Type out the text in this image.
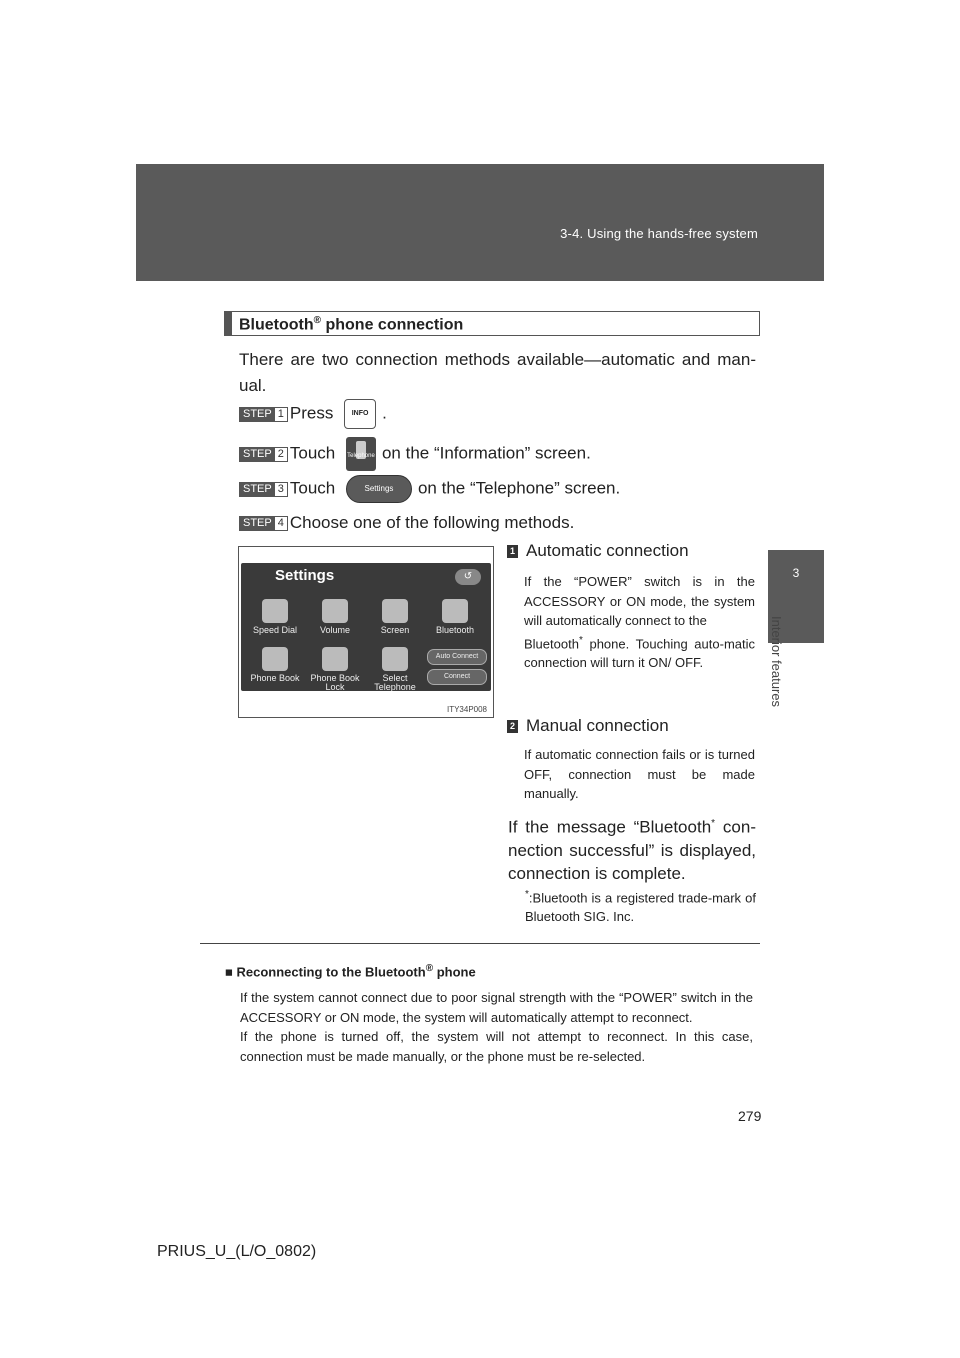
3-4. Using the hands-free system
3
Interior features
Bluetooth® phone connection
There are two connection methods available—automatic and man-ual.
STEP 1 Press	INFO .
STEP 2 Touch Telephone on the “Information” screen.
STEP 3 Touch	Settings on the “Telephone” screen.
STEP 4 Choose one of the following methods.
Settings	↺
Speed Dial	Volume	Screen	Bluetooth
Phone Book	Phone Book Lock
Select Telephone
Auto Connect
Connect
ITY34P008
1 Automatic connection
If the “POWER” switch is in the ACCESSORY or ON mode, the system will automatically connect to the
Bluetooth* phone. Touching auto-matic connection will turn it ON/ OFF.
2 Manual connection
If automatic connection fails or is turned OFF, connection must be made manually.
If the message “Bluetooth* con-nection successful” is displayed, connection is complete.
*:Bluetooth is a registered trade-mark of Bluetooth SIG. Inc.
■ Reconnecting to the Bluetooth® phone
If the system cannot connect due to poor signal strength with the “POWER” switch in the ACCESSORY or ON mode, the system will automatically attempt to reconnect.
If the phone is turned off, the system will not attempt to reconnect. In this case, connection must be made manually, or the phone must be re-selected.
279
PRIUS_U_(L/O_0802)
